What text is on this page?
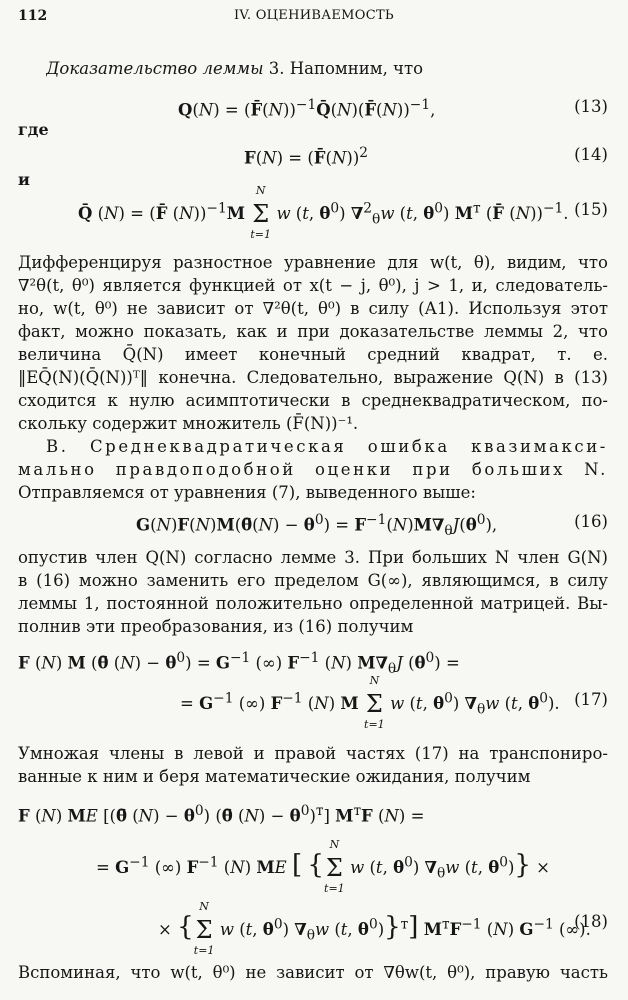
112	IV. ОЦЕНИВАЕМОСТЬ
Доказательство леммы 3. Напомним, что
Q(N) = (F̄(N))$^{-1}$Q̄(N)(F̄(N))$^{-1}$,	(13)
где
F(N) = (F̄(N))$^2$	(14)
и
Q̄ (N) = (F̄ (N))$^{-1}$M Σ
N
t=1
w (t, $\theta^0$) ∇$^2_\theta$w (t, $\theta^0$) $M^т$ (F̄ (N))$^{-1}$. (15)
Дифференцируя разностное уравнение для w(t, θ), видим, что
∇²θ(t, θ⁰) является функцией от x(t − j, θ⁰), j > 1, и, следователь-
но, w(t, θ⁰) не зависит от ∇²θ(t, θ⁰) в силу (А1). Используя этот
факт, можно показать, как и при доказательстве леммы 2, что
величина Q̄(N) имеет конечный средний квадрат, т. е.
‖EQ̄(N)(Q̄(N))ᵀ‖ конечна. Следовательно, выражение Q(N) в (13)
сходится к нулю асимптотически в среднеквадратическом, по-
скольку содержит множитель (F̄(N))⁻¹.
В. Среднеквадратическая ошибка квазимакси-
мально правдоподобной оценки при больших N.
Отправляемся от уравнения (7), выведенного выше:
G(N)F(N)M(θ̄(N) − $\theta^0) = F^{-1}(N)M\nabla_\theta J(\theta^0)$,	(16)
опустив член Q(N) согласно лемме 3. При больших N член G(N)
в (16) можно заменить его пределом G(∞), являющимся, в силу
леммы 1, постоянной положительно определенной матрицей. Вы-
полнив эти преобразования, из (16) получим
F (N) M (θ̄ $(N) - \theta^0) = G^{-1}$ (∞) $F^{-1}$ (N) $M\nabla_\theta J$ $(\theta^0)$ =
= $G^{-1}$ (∞) $F^{-1}$ (N) M Σ
N
t=1
w (t, $\theta^0$) $\nabla_\theta w$ (t, $\theta^0$). (17)
Умножая члены в левой и правой частях (17) на транспониро-
ванные к ним и беря математические ожидания, получим
F (N) ME [(θ̄ $(N) - \theta^0$) (θ̄ $(N) - \theta^0)^т$] $M^тF$ (N) =
= $G^{-1}$ (∞) $F^{-1}$ (N) ME [ {Σ
N
t=1
w (t, $\theta^0$) $\nabla_\theta w$ (t, $\theta^0$)} ×
× {Σ
N
t=1
w (t, $\theta^0$) $\nabla_\theta w$ (t, $\theta^0)\}^т$] $M^тF^{-1}$ (N) $G^{-1}$ (∞).
(18)
Вспоминая, что w(t, θ⁰) не зависит от ∇θw(t, θ⁰), правую часть
